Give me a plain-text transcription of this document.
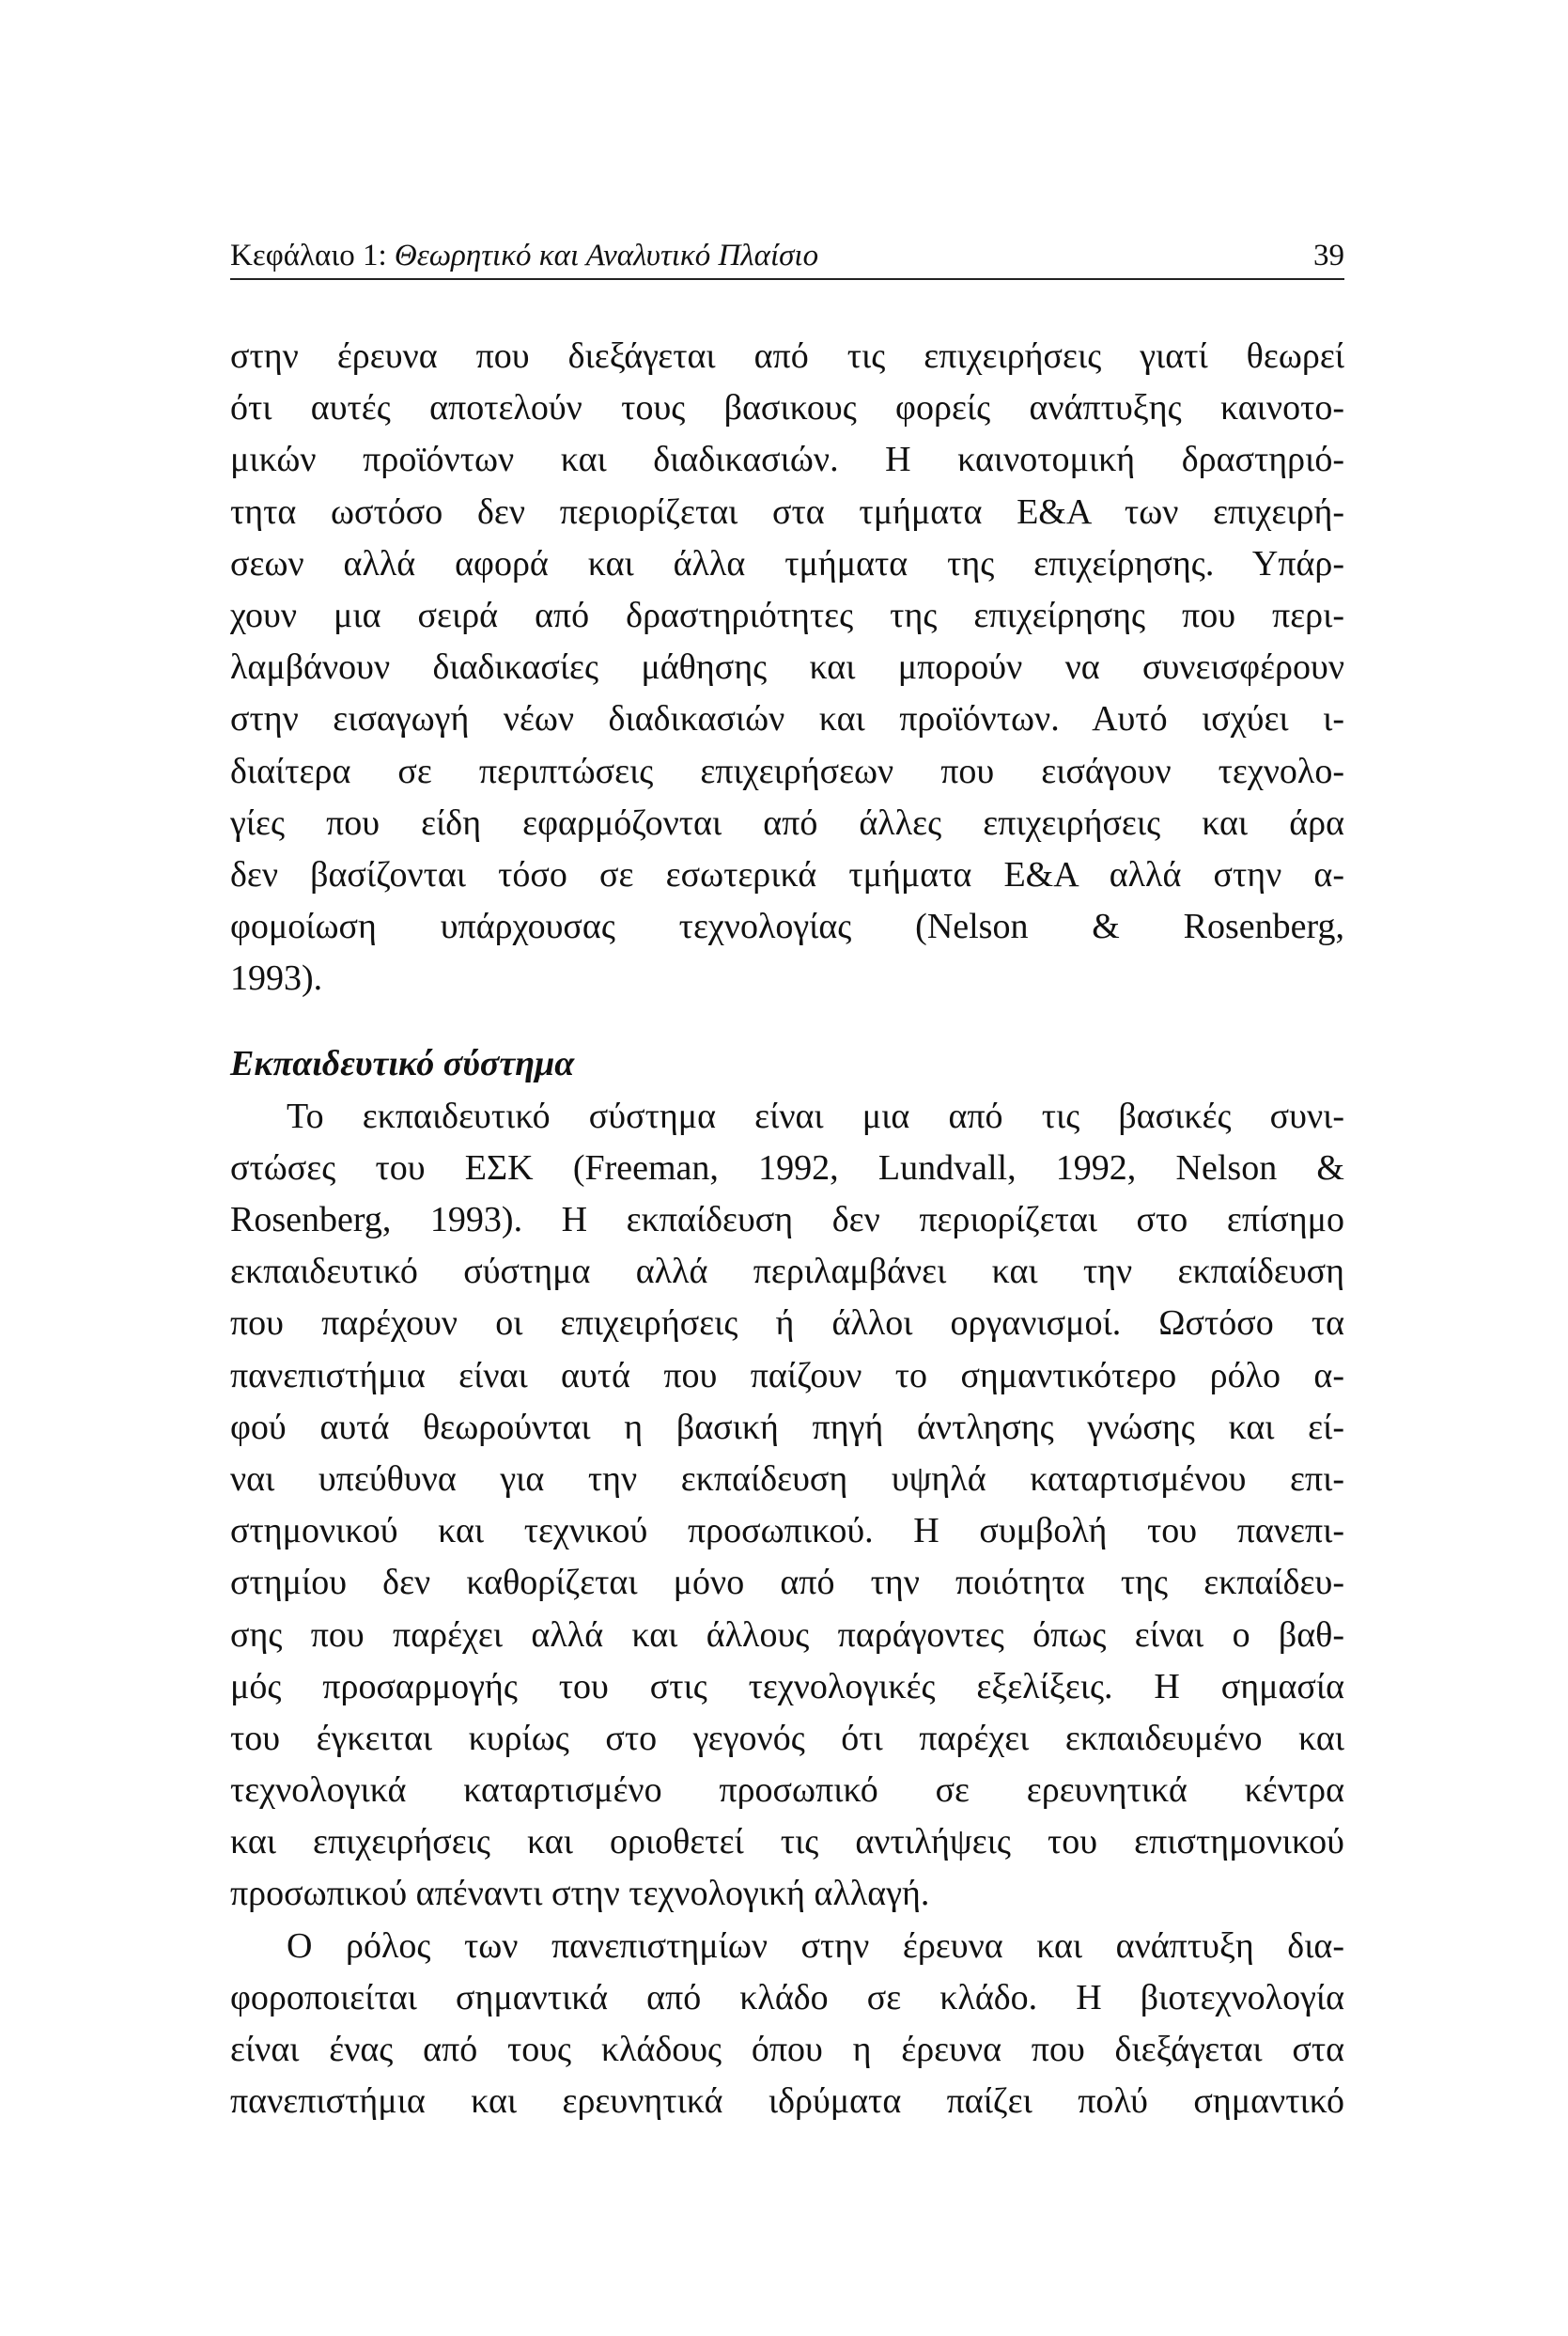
Κεφάλαιο 1: Θεωρητικό και Αναλυτικό Πλαίσιο	39
στην έρευνα που διεξάγεται από τις επιχειρήσεις γιατί θεωρεί
ότι αυτές αποτελούν τους βασικους φορείς ανάπτυξης καινοτο-
μικών προϊόντων και διαδικασιών. Η καινοτομική δραστηριό-
τητα ωστόσο δεν περιορίζεται στα τμήματα Ε&Α των επιχειρή-
σεων αλλά αφορά και άλλα τμήματα της επιχείρησης. Υπάρ-
χουν μια σειρά από δραστηριότητες της επιχείρησης που περι-
λαμβάνουν διαδικασίες μάθησης και μπορούν να συνεισφέρουν
στην εισαγωγή νέων διαδικασιών και προϊόντων. Αυτό ισχύει ι-
διαίτερα σε περιπτώσεις επιχειρήσεων που εισάγουν τεχνολο-
γίες που είδη εφαρμόζονται από άλλες επιχειρήσεις και άρα
δεν βασίζονται τόσο σε εσωτερικά τμήματα Ε&Α αλλά στην α-
φομοίωση υπάρχουσας τεχνολογίας (Nelson & Rosenberg,
1993).
Εκπαιδευτικό σύστημα
Το εκπαιδευτικό σύστημα είναι μια από τις βασικές συνι-
στώσες του ΕΣΚ (Freeman, 1992, Lundvall, 1992, Nelson &
Rosenberg, 1993). Η εκπαίδευση δεν περιορίζεται στο επίσημο
εκπαιδευτικό σύστημα αλλά περιλαμβάνει και την εκπαίδευση
που παρέχουν οι επιχειρήσεις ή άλλοι οργανισμοί. Ωστόσο τα
πανεπιστήμια είναι αυτά που παίζουν το σημαντικότερο ρόλο α-
φού αυτά θεωρούνται η βασική πηγή άντλησης γνώσης και εί-
ναι υπεύθυνα για την εκπαίδευση υψηλά καταρτισμένου επι-
στημονικού και τεχνικού προσωπικού. Η συμβολή του πανεπι-
στημίου δεν καθορίζεται μόνο από την ποιότητα της εκπαίδευ-
σης που παρέχει αλλά και άλλους παράγοντες όπως είναι ο βαθ-
μός προσαρμογής του στις τεχνολογικές εξελίξεις. Η σημασία
του έγκειται κυρίως στο γεγονός ότι παρέχει εκπαιδευμένο και
τεχνολογικά καταρτισμένο προσωπικό σε ερευνητικά κέντρα
και επιχειρήσεις και οριοθετεί τις αντιλήψεις του επιστημονικού
προσωπικού απέναντι στην τεχνολογική αλλαγή.
Ο ρόλος των πανεπιστημίων στην έρευνα και ανάπτυξη δια-
φοροποιείται σημαντικά από κλάδο σε κλάδο. Η βιοτεχνολογία
είναι ένας από τους κλάδους όπου η έρευνα που διεξάγεται στα
πανεπιστήμια και ερευνητικά ιδρύματα παίζει πολύ σημαντικό
